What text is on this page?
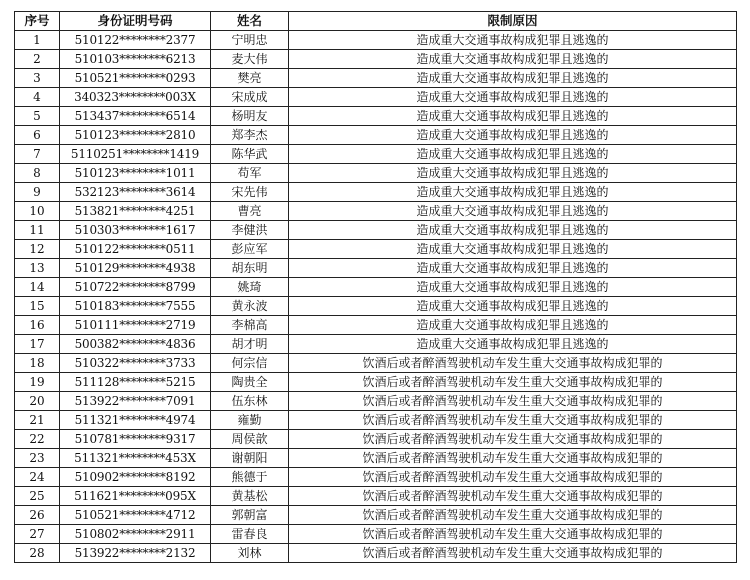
序号	身份证明号码	姓名	限制原因
1	510122********2377	宁明忠	造成重大交通事故构成犯罪且逃逸的
2	510103********6213	麦大伟	造成重大交通事故构成犯罪且逃逸的
3	510521********0293	樊亮	造成重大交通事故构成犯罪且逃逸的
4	340323********003X	宋成成	造成重大交通事故构成犯罪且逃逸的
5	513437********6514	杨明友	造成重大交通事故构成犯罪且逃逸的
6	510123********2810	郑李杰	造成重大交通事故构成犯罪且逃逸的
7	5110251********1419	陈华武	造成重大交通事故构成犯罪且逃逸的
8	510123********1011	苟军	造成重大交通事故构成犯罪且逃逸的
9	532123********3614	宋先伟	造成重大交通事故构成犯罪且逃逸的
10	513821********4251	曹亮	造成重大交通事故构成犯罪且逃逸的
11	510303********1617	李健洪	造成重大交通事故构成犯罪且逃逸的
12	510122********0511	彭应军	造成重大交通事故构成犯罪且逃逸的
13	510129********4938	胡东明	造成重大交通事故构成犯罪且逃逸的
14	510722********8799	姚琦	造成重大交通事故构成犯罪且逃逸的
15	510183********7555	黄永波	造成重大交通事故构成犯罪且逃逸的
16	510111********2719	李棉高	造成重大交通事故构成犯罪且逃逸的
17	500382********4836	胡才明	造成重大交通事故构成犯罪且逃逸的
18	510322********3733	何宗信	饮酒后或者醉酒驾驶机动车发生重大交通事故构成犯罪的
19	511128********5215	陶贵全	饮酒后或者醉酒驾驶机动车发生重大交通事故构成犯罪的
20	513922********7091	伍东林	饮酒后或者醉酒驾驶机动车发生重大交通事故构成犯罪的
21	511321********4974	雍勤	饮酒后或者醉酒驾驶机动车发生重大交通事故构成犯罪的
22	510781********9317	周侯歆	饮酒后或者醉酒驾驶机动车发生重大交通事故构成犯罪的
23	511321********453X	谢朝阳	饮酒后或者醉酒驾驶机动车发生重大交通事故构成犯罪的
24	510902********8192	熊德于	饮酒后或者醉酒驾驶机动车发生重大交通事故构成犯罪的
25	511621********095X	黄基松	饮酒后或者醉酒驾驶机动车发生重大交通事故构成犯罪的
26	510521********4712	郭朝富	饮酒后或者醉酒驾驶机动车发生重大交通事故构成犯罪的
27	510802********2911	雷春良	饮酒后或者醉酒驾驶机动车发生重大交通事故构成犯罪的
28	513922********2132	刘林	饮酒后或者醉酒驾驶机动车发生重大交通事故构成犯罪的
